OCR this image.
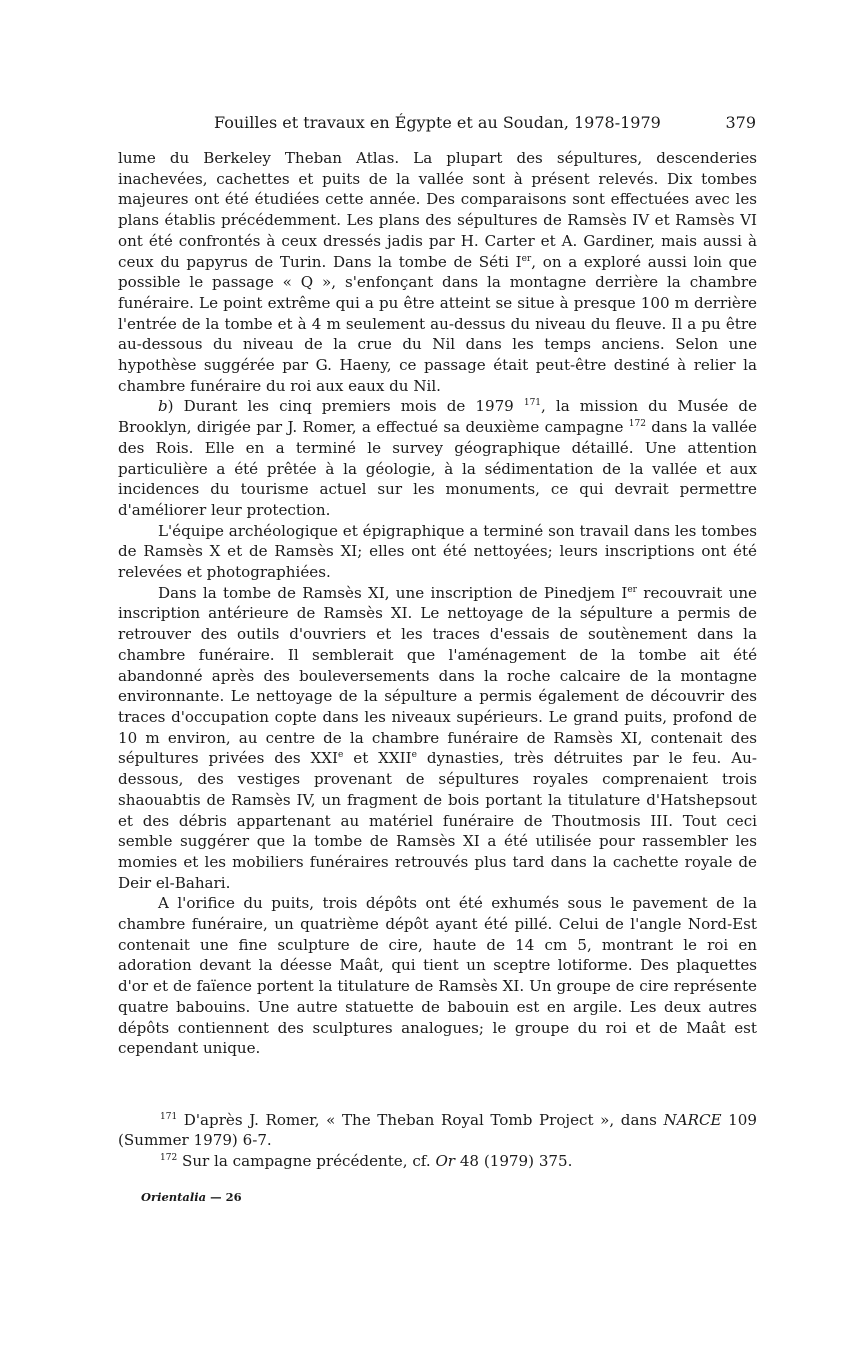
Fouilles et travaux en Égypte et au Soudan, 1978-1979	379

lume du Berkeley Theban Atlas. La plupart des sépultures, descenderies inachevées, cachettes et puits de la vallée sont à présent relevés. Dix tombes majeures ont été étudiées cette année. Des comparaisons sont effectuées avec les plans établis précédemment. Les plans des sépultures de Ramsès IV et Ramsès VI ont été confrontés à ceux dressés jadis par H. Carter et A. Gardiner, mais aussi à ceux du papyrus de Turin. Dans la tombe de Séti Ier, on a exploré aussi loin que possible le passage « Q », s'enfonçant dans la montagne derrière la chambre funéraire. Le point extrême qui a pu être atteint se situe à presque 100 m derrière l'entrée de la tombe et à 4 m seulement au-dessus du niveau du fleuve. Il a pu être au-dessous du niveau de la crue du Nil dans les temps anciens. Selon une hypothèse suggérée par G. Haeny, ce passage était peut-être destiné à relier la chambre funéraire du roi aux eaux du Nil.

b) Durant les cinq premiers mois de 1979 $^{171}$, la mission du Musée de Brooklyn, dirigée par J. Romer, a effectué sa deuxième campagne $^{172}$ dans la vallée des Rois. Elle en a terminé le survey géographique détaillé. Une attention particulière a été prêtée à la géologie, à la sédimentation de la vallée et aux incidences du tourisme actuel sur les monuments, ce qui devrait permettre d'améliorer leur protection.

L'équipe archéologique et épigraphique a terminé son travail dans les tombes de Ramsès X et de Ramsès XI; elles ont été nettoyées; leurs inscriptions ont été relevées et photographiées.

Dans la tombe de Ramsès XI, une inscription de Pinedjem Ier recouvrait une inscription antérieure de Ramsès XI. Le nettoyage de la sépulture a permis de retrouver des outils d'ouvriers et les traces d'essais de soutènement dans la chambre funéraire. Il semblerait que l'aménagement de la tombe ait été abandonné après des bouleversements dans la roche calcaire de la montagne environnante. Le nettoyage de la sépulture a permis également de découvrir des traces d'occupation copte dans les niveaux supérieurs. Le grand puits, profond de 10 m environ, au centre de la chambre funéraire de Ramsès XI, contenait des sépultures privées des XXIe et XXIIe dynasties, très détruites par le feu. Au-dessous, des vestiges provenant de sépultures royales comprenaient trois shaouabtis de Ramsès IV, un fragment de bois portant la titulature d'Hatshepsout et des débris appartenant au matériel funéraire de Thoutmosis III. Tout ceci semble suggérer que la tombe de Ramsès XI a été utilisée pour rassembler les momies et les mobiliers funéraires retrouvés plus tard dans la cachette royale de Deir el-Bahari.

A l'orifice du puits, trois dépôts ont été exhumés sous le pavement de la chambre funéraire, un quatrième dépôt ayant été pillé. Celui de l'angle Nord-Est contenait une fine sculpture de cire, haute de 14 cm 5, montrant le roi en adoration devant la déesse Maât, qui tient un sceptre lotiforme. Des plaquettes d'or et de faïence portent la titulature de Ramsès XI. Un groupe de cire représente quatre babouins. Une autre statuette de babouin est en argile. Les deux autres dépôts contiennent des sculptures analogues; le groupe du roi et de Maât est cependant unique.

$^{171}$ D'après J. Romer, « The Theban Royal Tomb Project », dans NARCE 109 (Summer 1979) 6-7.

$^{172}$ Sur la campagne précédente, cf. Or 48 (1979) 375.

Orientalia — 26
